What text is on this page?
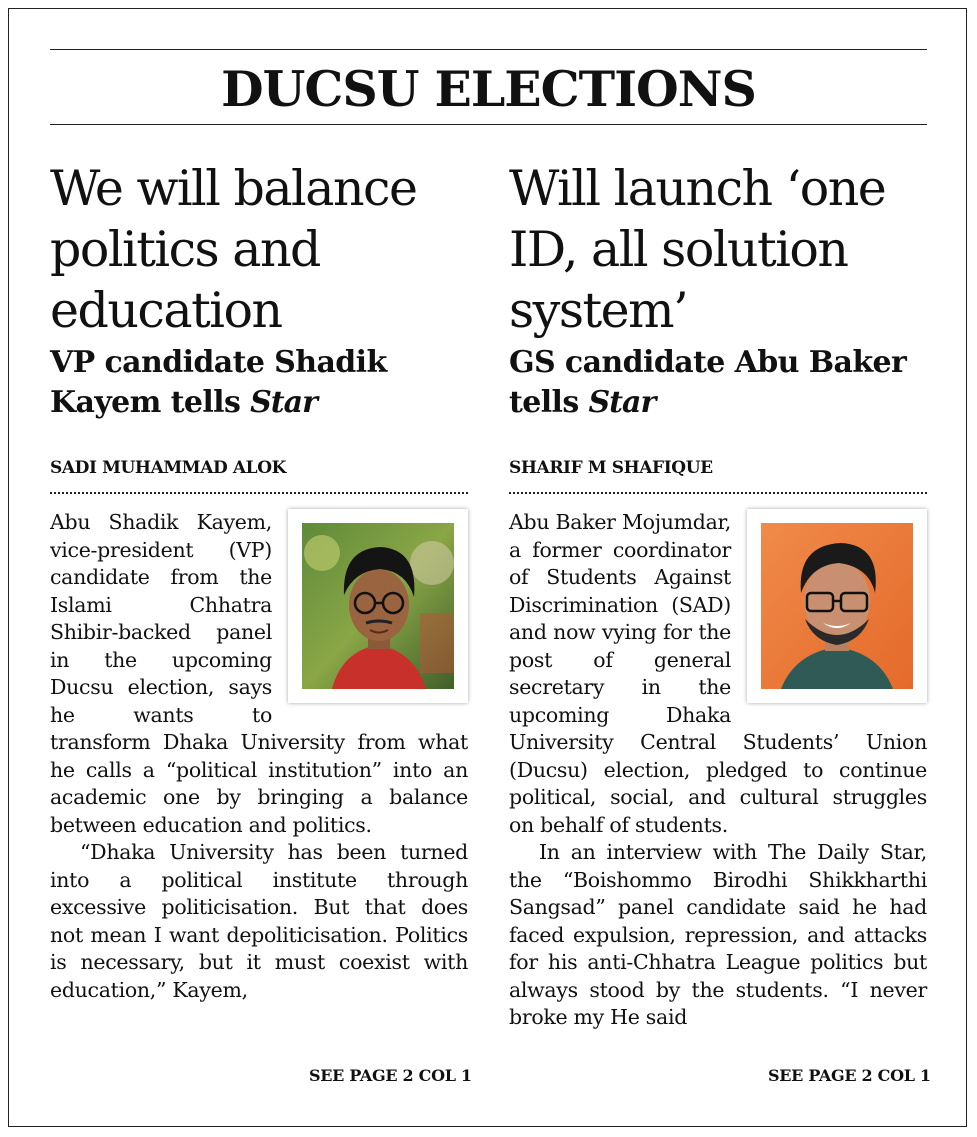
DUCSU ELECTIONS
We will balance
politics and
education
VP candidate Shadik Kayem tells Star
SADI MUHAMMAD ALOK

Abu Shadik Kayem, vice-president (VP) candidate from the Islami Chhatra Shibir-backed panel in the upcoming Ducsu election, says he wants to transform Dhaka University from what he calls a “political institution” into an academic one by bringing a balance between education and politics.

“Dhaka University has been turned into a political institute through excessive politicisation. But that does not mean I want depoliticisation. Politics is necessary, but it must coexist with education,” Kayem,

SEE PAGE 2 COL 1
Will launch ‘one
ID, all solution
system’
GS candidate Abu Baker tells Star
SHARIF M SHAFIQUE

Abu Baker Mojumdar, a former coordinator of Students Against Discrimination (SAD) and now vying for the post of general secretary in the upcoming Dhaka University Central Students’ Union (Ducsu) election, pledged to continue political, social, and cultural struggles on behalf of students.

In an interview with The Daily Star, the “Boishommo Birodhi Shikkharthi Sangsad” panel candidate said he had faced expulsion, repression, and attacks for his anti-Chhatra League politics but always stood by the students. “I never broke my He said

SEE PAGE 2 COL 1
